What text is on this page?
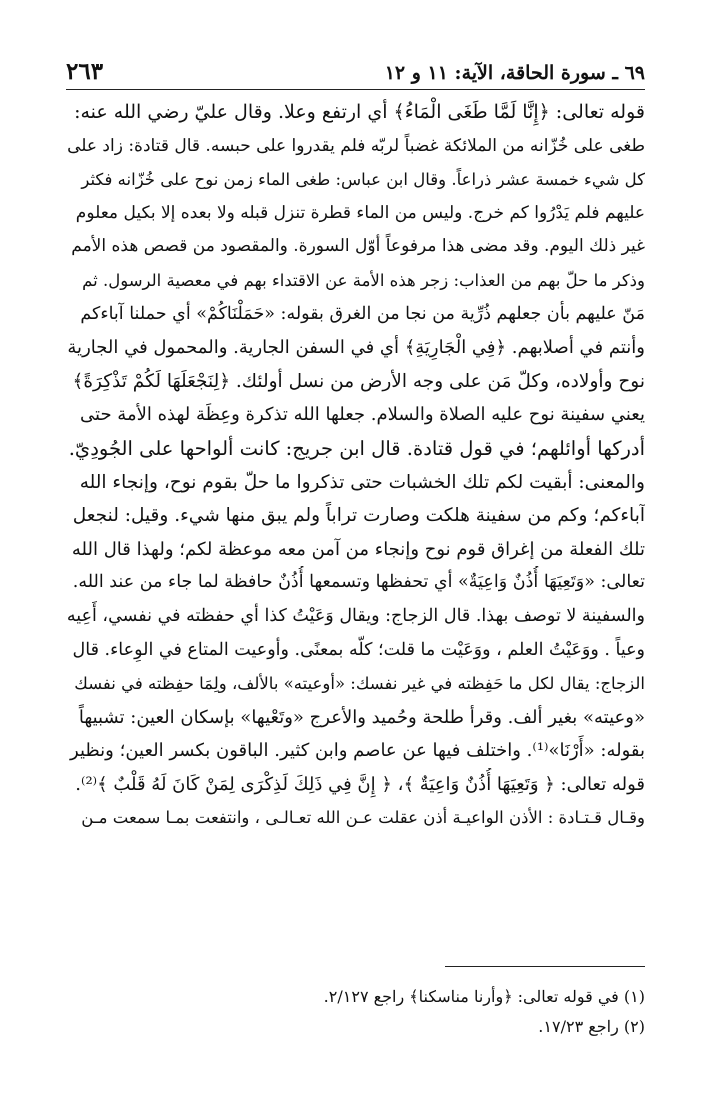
٦٩ ـ سورة الحاقة، الآية: ١١ و ١٢
٢٦٣
قوله تعالى: ﴿إِنَّا لَمَّا طَغَى الْمَاءُ﴾ أي ارتفع وعلا. وقال عليّ رضي الله عنه:
طغى على خُزّانه من الملائكة غضباً لربّه فلم يقدروا على حبسه. قال قتادة: زاد على
كل شيء خمسة عشر ذراعاً. وقال ابن عباس: طغى الماء زمن نوح على خُزّانه فكثر
عليهم فلم يَدْرُوا كم خرج. وليس من الماء قطرة تنزل قبله ولا بعده إلا بكيل معلوم
غير ذلك اليوم. وقد مضى هذا مرفوعاً أوّل السورة. والمقصود من قصص هذه الأمم
وذكر ما حلّ بهم من العذاب: زجر هذه الأمة عن الاقتداء بهم في معصية الرسول. ثم
مَنّ عليهم بأن جعلهم ذُرِّية من نجا من الغرق بقوله: «حَمَلْنَاكُمْ» أي حملنا آباءكم
وأنتم في أصلابهم. ﴿فِي الْجَارِيَةِ﴾ أي في السفن الجارية. والمحمول في الجارية
نوح وأولاده، وكلّ مَن على وجه الأرض من نسل أولئك. ﴿لِنَجْعَلَهَا لَكُمْ تَذْكِرَةً﴾
يعني سفينة نوح عليه الصلاة والسلام. جعلها الله تذكرة وعِظَة لهذه الأمة حتى
أدركها أوائلهم؛ في قول قتادة. قال ابن جريج: كانت ألواحها على الجُودِيّ.
والمعنى: أبقيت لكم تلك الخشبات حتى تذكروا ما حلّ بقوم نوح، وإنجاء الله
آباءكم؛ وكم من سفينة هلكت وصارت تراباً ولم يبق منها شيء. وقيل: لنجعل
تلك الفعلة من إغراق قوم نوح وإنجاء من آمن معه موعظة لكم؛ ولهذا قال الله
تعالى: «وَتَعِيَهَا أُذُنٌ وَاعِيَةٌ» أي تحفظها وتسمعها أُذُنٌ حافظة لما جاء من عند الله.
والسفينة لا توصف بهذا. قال الزجاج: ويقال وَعَيْتُ كذا أي حفظته في نفسي، أَعِيه
وعياً . ووَعَيْتُ العلم ، ووَعَيْت ما قلت؛ كلّه بمعنًى. وأوعيت المتاع في الوِعاء. قال
الزجاج: يقال لكل ما حَفِظته في غير نفسك: «أوعيته» بالألف، ولِمَا حفِظته في نفسك
«وعيته» بغير ألف. وقرأ طلحة وحُميد والأعرج «وتَعْيها» بإسكان العين: تشبيهاً
بقوله: «أَرْنَا»⁽¹⁾. واختلف فيها عن عاصم وابن كثير. الباقون بكسر العين؛ ونظير
قوله تعالى: ﴿ وَتَعِيَهَا أُذُنٌ وَاعِيَةٌ ﴾، ﴿ إِنَّ فِي ذَلِكَ لَذِكْرَى لِمَنْ كَانَ لَهُ قَلْبٌ ﴾⁽²⁾.
وقـال قـتـادة : الأذن الواعيـة أذن عقلت عـن الله تعـالـى ، وانتفعت بمـا سمعت مـن
(١) في قوله تعالى: ﴿وأرنا مناسكنا﴾ راجع ٢/١٢٧.
(٢) راجع ١٧/٢٣.
